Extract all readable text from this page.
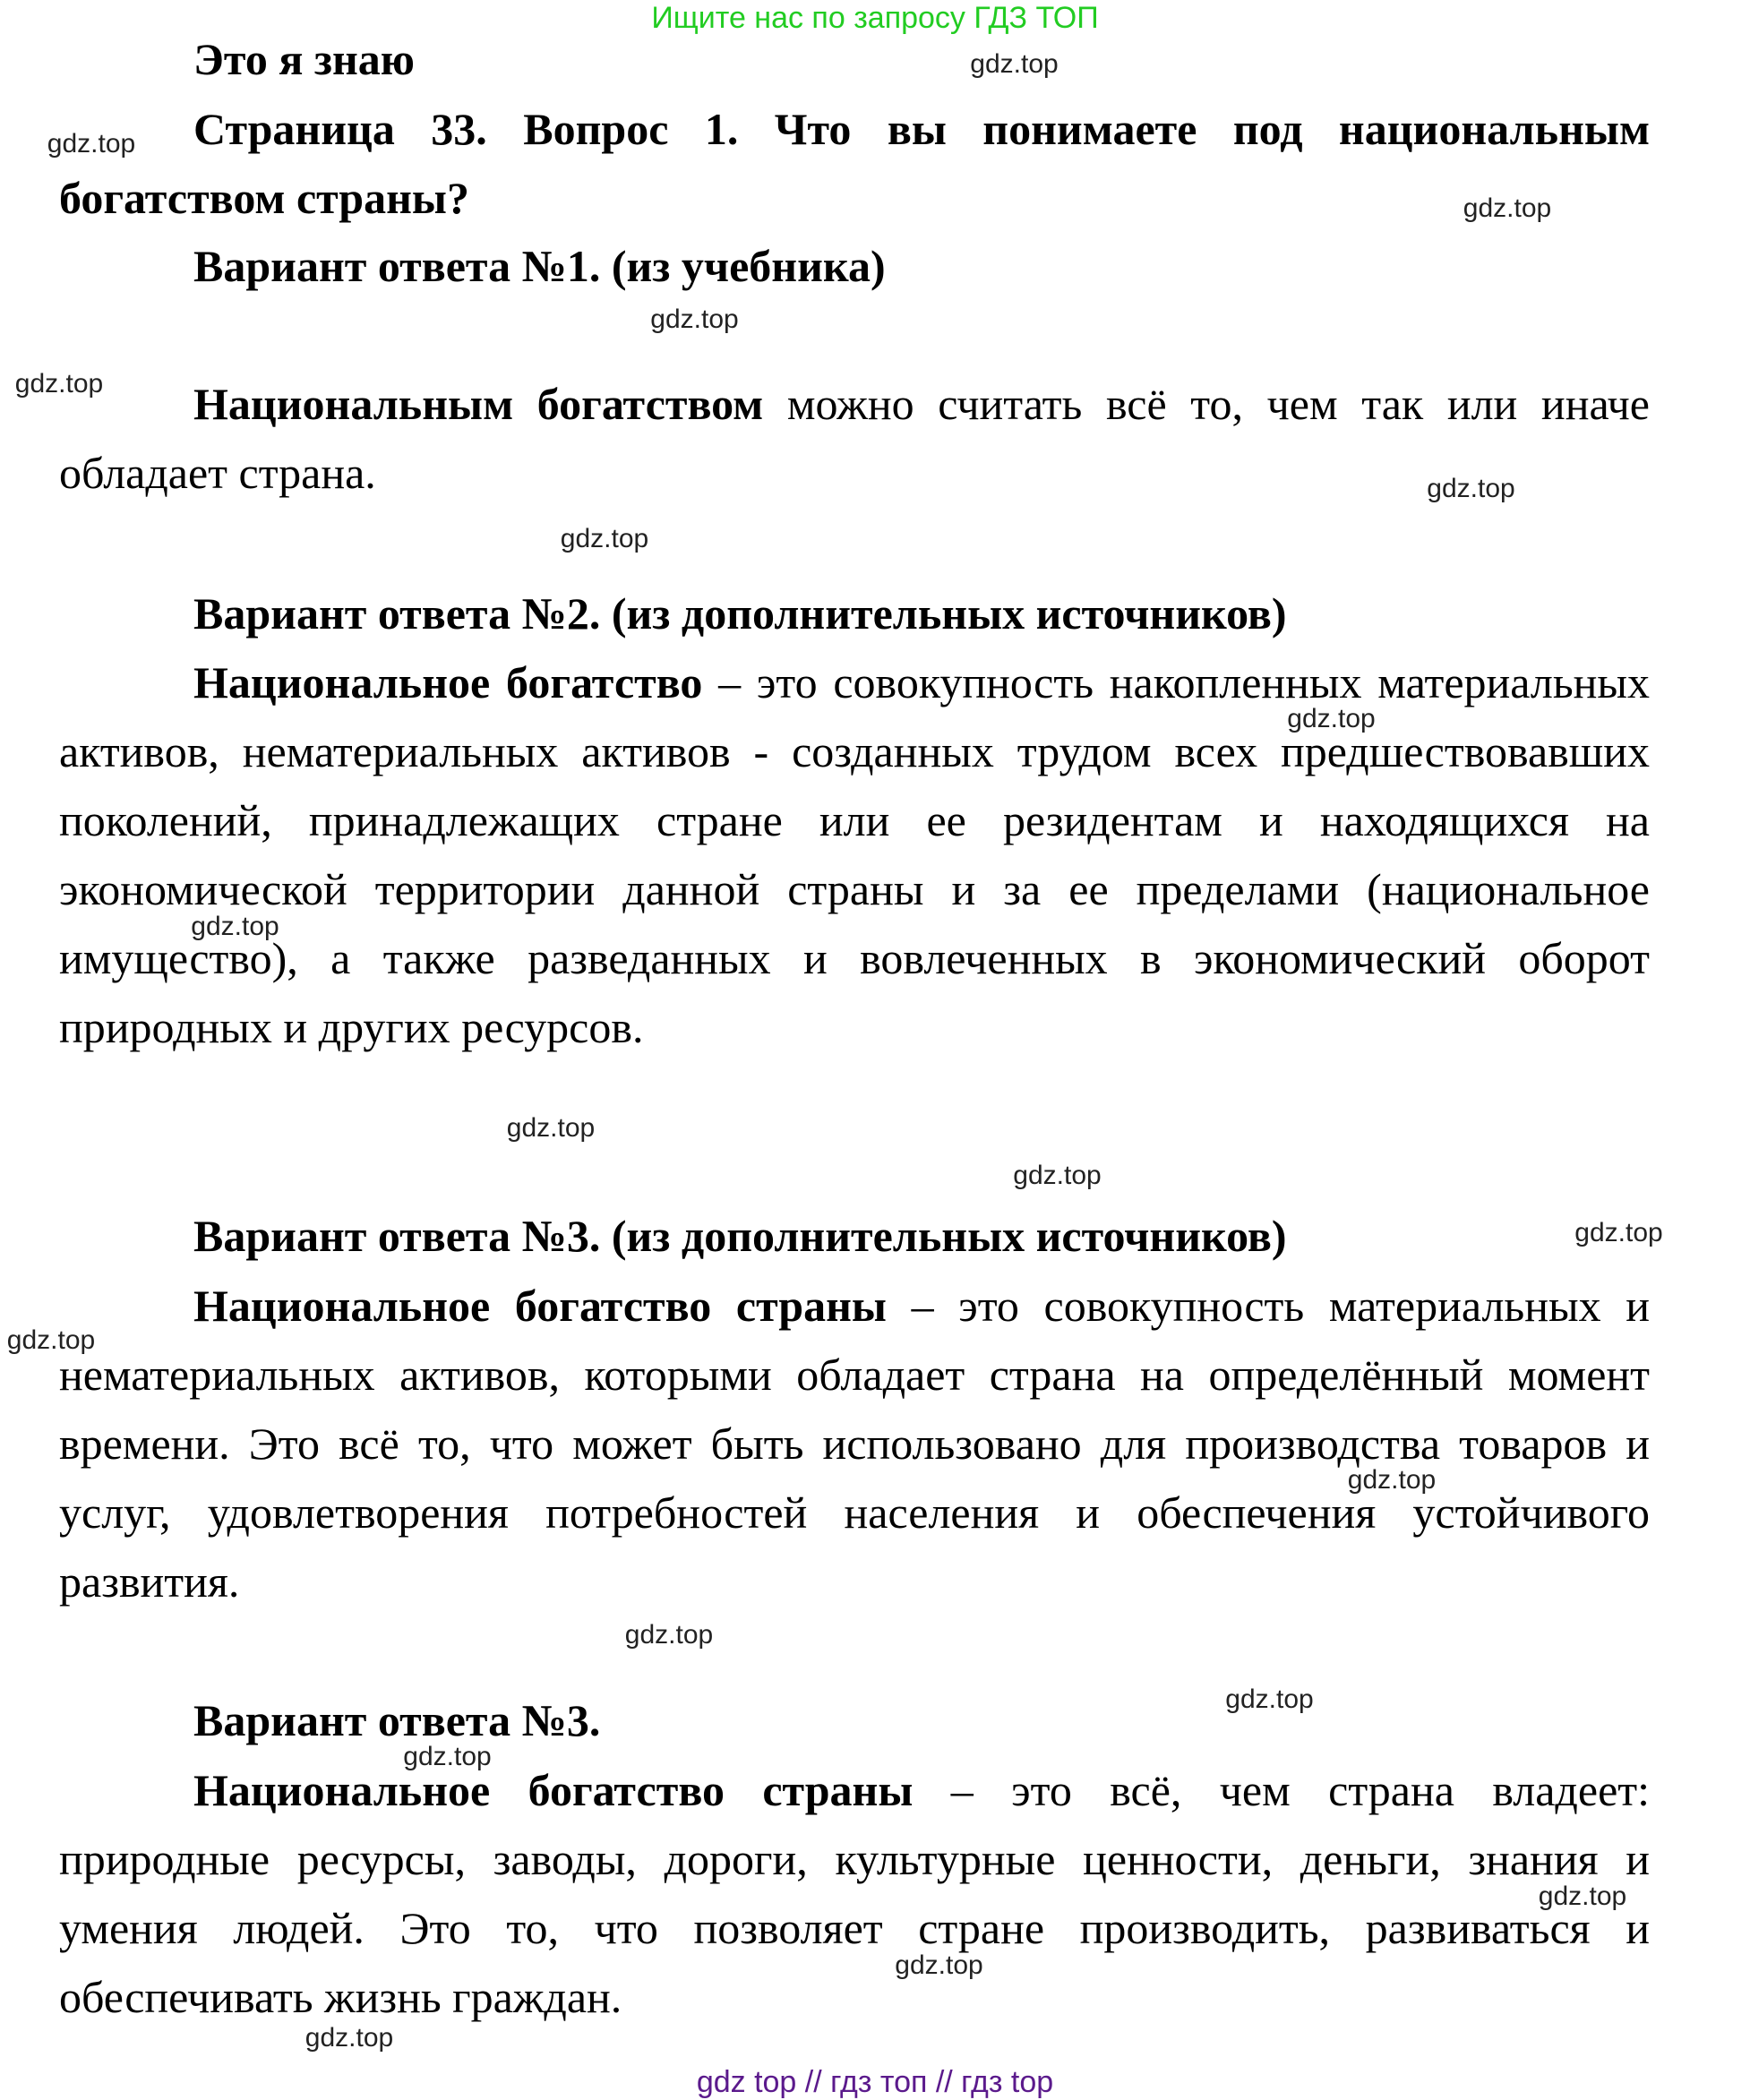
Ищите нас по запросу ГДЗ ТОП
Это я знаю
Страница 33. Вопрос 1. Что вы понимаете под национальным богатством страны?
Вариант ответа №1. (из учебника)
Национальным богатством можно считать всё то, чем так или иначе обладает страна.
Вариант ответа №2. (из дополнительных источников)
Национальное богатство – это совокупность накопленных материальных активов, нематериальных активов - созданных трудом всех предшествовавших поколений, принадлежащих стране или ее резидентам и находящихся на экономической территории данной страны и за ее пределами (национальное имущество), а также разведанных и вовлеченных в экономический оборот природных и других ресурсов.
Вариант ответа №3. (из дополнительных источников)
Национальное богатство страны – это совокупность материальных и нематериальных активов, которыми обладает страна на определённый момент времени. Это всё то, что может быть использовано для производства товаров и услуг, удовлетворения потребностей населения и обеспечения устойчивого развития.
Вариант ответа №3.
Национальное богатство страны – это всё, чем страна владеет: природные ресурсы, заводы, дороги, культурные ценности, деньги, знания и умения людей. Это то, что позволяет стране производить, развиваться и обеспечивать жизнь граждан.
gdz.top
gdz.top
gdz.top
gdz.top
gdz.top
gdz.top
gdz.top
gdz.top
gdz.top
gdz.top
gdz.top
gdz.top
gdz.top
gdz.top
gdz.top
gdz.top
gdz.top
gdz.top
gdz.top
gdz.top
gdz top // гдз топ // гдз top
